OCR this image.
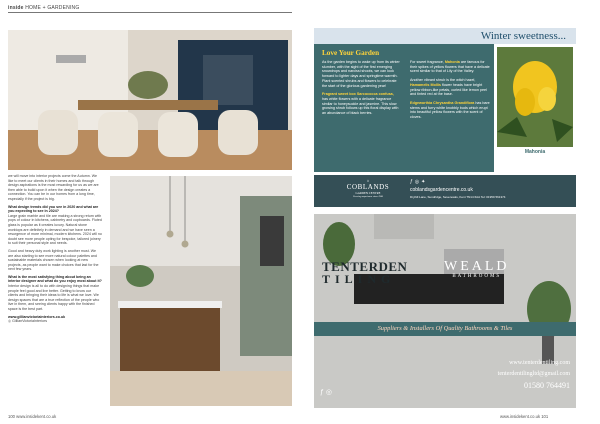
inside HOME + GARDENING
we will move into interior projects come the Autumn. We like to meet our clients in their homes and talk through design aspirations is the most rewarding for us as we are then able to build upon it when the design creates a connection. You can be in our homes from a long time, especially if the project is big.
What design trends did you see in 2020 and what are you expecting to see in 2024?
Large grain marble and tile are making a strong return with pops of colour in kitchens, cabinetry and cupboards. Fluted glass is popular as it creates luxury. Natural stone worktops are definitely in demand and we have seen a resurgence of more minimal, modern kitchens. 2024 will no doubt see more people opting for bespoke, tailored joinery to suit their personal style and needs.
Good and heavy duty work lighting is another must. We are also starting to see more natural colour palettes and sustainable materials chosen when looking at new projects, as people want to make choices that last for the next few years.
What is the most satisfying thing about being an interior designer and what do you enjoy most about it?
Interior design is all to do with designing things that make people feel good and live better. Getting to know our clients and bringing their ideas to life is what we love. We design spaces that are a true reflection of the people who live in them, and seeing clients happy with the finished space is the best part.
www.gillianvictoriainteriors.co.uk
◎ GillianVictoriaInteriors
100 www.insidekent.co.uk
Winter sweetness...
Love Your Garden
As the garden begins to wake up from its winter slumber, with the sight of the first emerging snowdrops and narcissi shoots, we can look forward to lighter days and springtime warmth. Plant scented shrubs and flowers to celebrate the start of the glorious gardening year!
Fragrant sweet box Sarcococca confusa, has white flowers with a delicate fragrance similar to honeysuckle and jasmine. This slow growing shrub follows up this floral display with an abundance of black berries.
For sweet fragrance, Mahonia are famous for their spikes of yellow flowers that have a delicate scent similar to that of Lily of the Valley.
Another vibrant shrub is the witch hazel, Hamamelis Mollis flower heads have bright yellow ribbon-like petals, curled like lemon peel and tinted red at the base.
Edgeworthia Chrysantha Grandiflora has bare stems and furry white knobbly buds which erupt into beautiful yellow flowers with the scent of cloves.
Mahonia
⌂
COBLANDS
GARDEN CENTRE
Growing experience since 1945
ƒ◎✦
coblandsgardencentre.co.uk
Dryhill Lane, Sundridge, Sevenoaks, Kent TN14 6AA Tel: 01959 561374
TENTERDEN
TILING
WEALD
BATHROOMS
Suppliers & Installers Of Quality Bathrooms & Tiles
www.tenterdentiling.com
tenterdentilingltd@gmail.com
01580 764491
ƒ ◎
www.insidekent.co.uk 101
